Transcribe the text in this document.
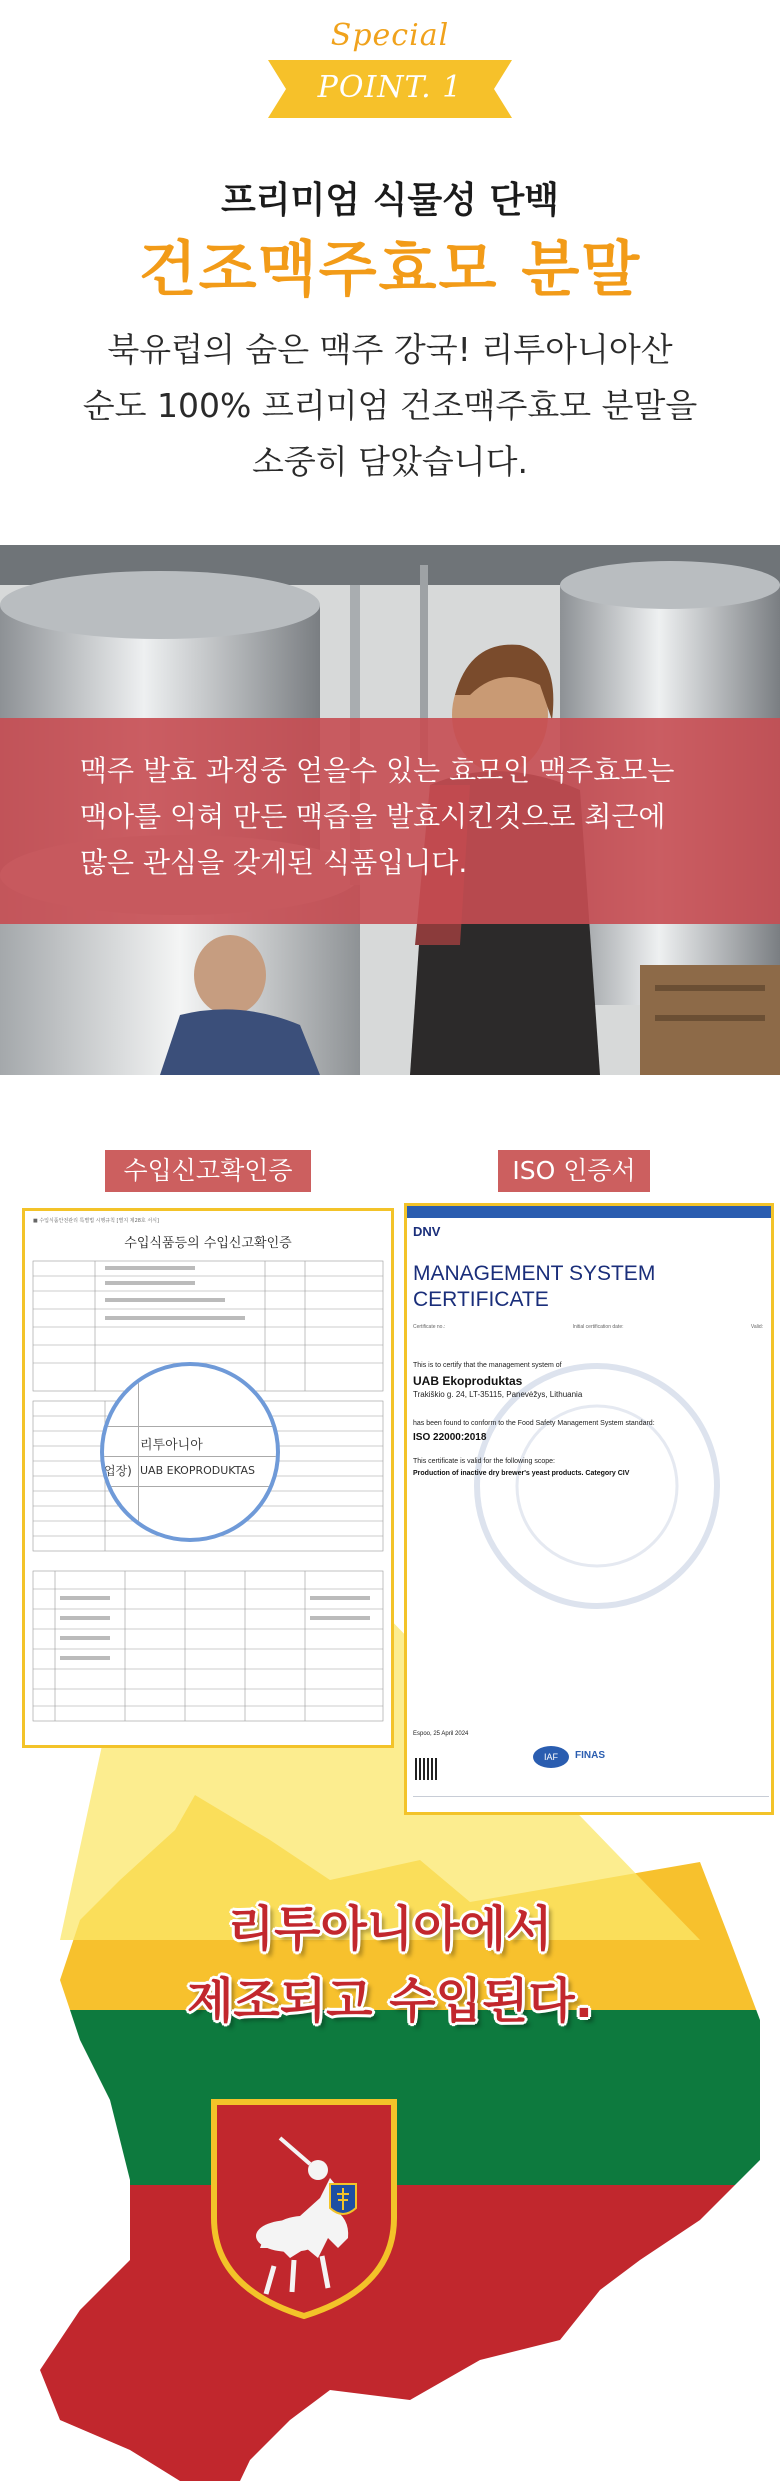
Special
POINT. 1
프리미엄 식물성 단백
건조맥주효모 분말
북유럽의 숨은 맥주 강국! 리투아니아산
순도 100% 프리미엄 건조맥주효모 분말을
소중히 담았습니다.
맥주 발효 과정중 얻을수 있는 효모인 맥주효모는
맥아를 익혀 만든 맥즙을 발효시킨것으로 최근에
많은 관심을 갖게된 식품입니다.
수입신고확인증	ISO 인증서
■ 수입식품안전관리 특별법 시행규칙 [별지 제28호 서식]
수입식품등의 수입신고확인증
리투아니아
UAB EKOPRODUKTAS
업장)
DNV
MANAGEMENT SYSTEM
CERTIFICATE
Certificate no.:	Initial certification date:	Valid:
This is to certify that the management system of
UAB Ekoproduktas
Trakiškio g. 24, LT-35115, Panevėžys, Lithuania
has been found to conform to the Food Safety Management System standard:
ISO 22000:2018
This certificate is valid for the following scope:
Production of inactive dry brewer's yeast products. Category CIV
Espoo, 25 April 2024
IAF	FINAS
리투아니아에서
제조되고 수입된다.
